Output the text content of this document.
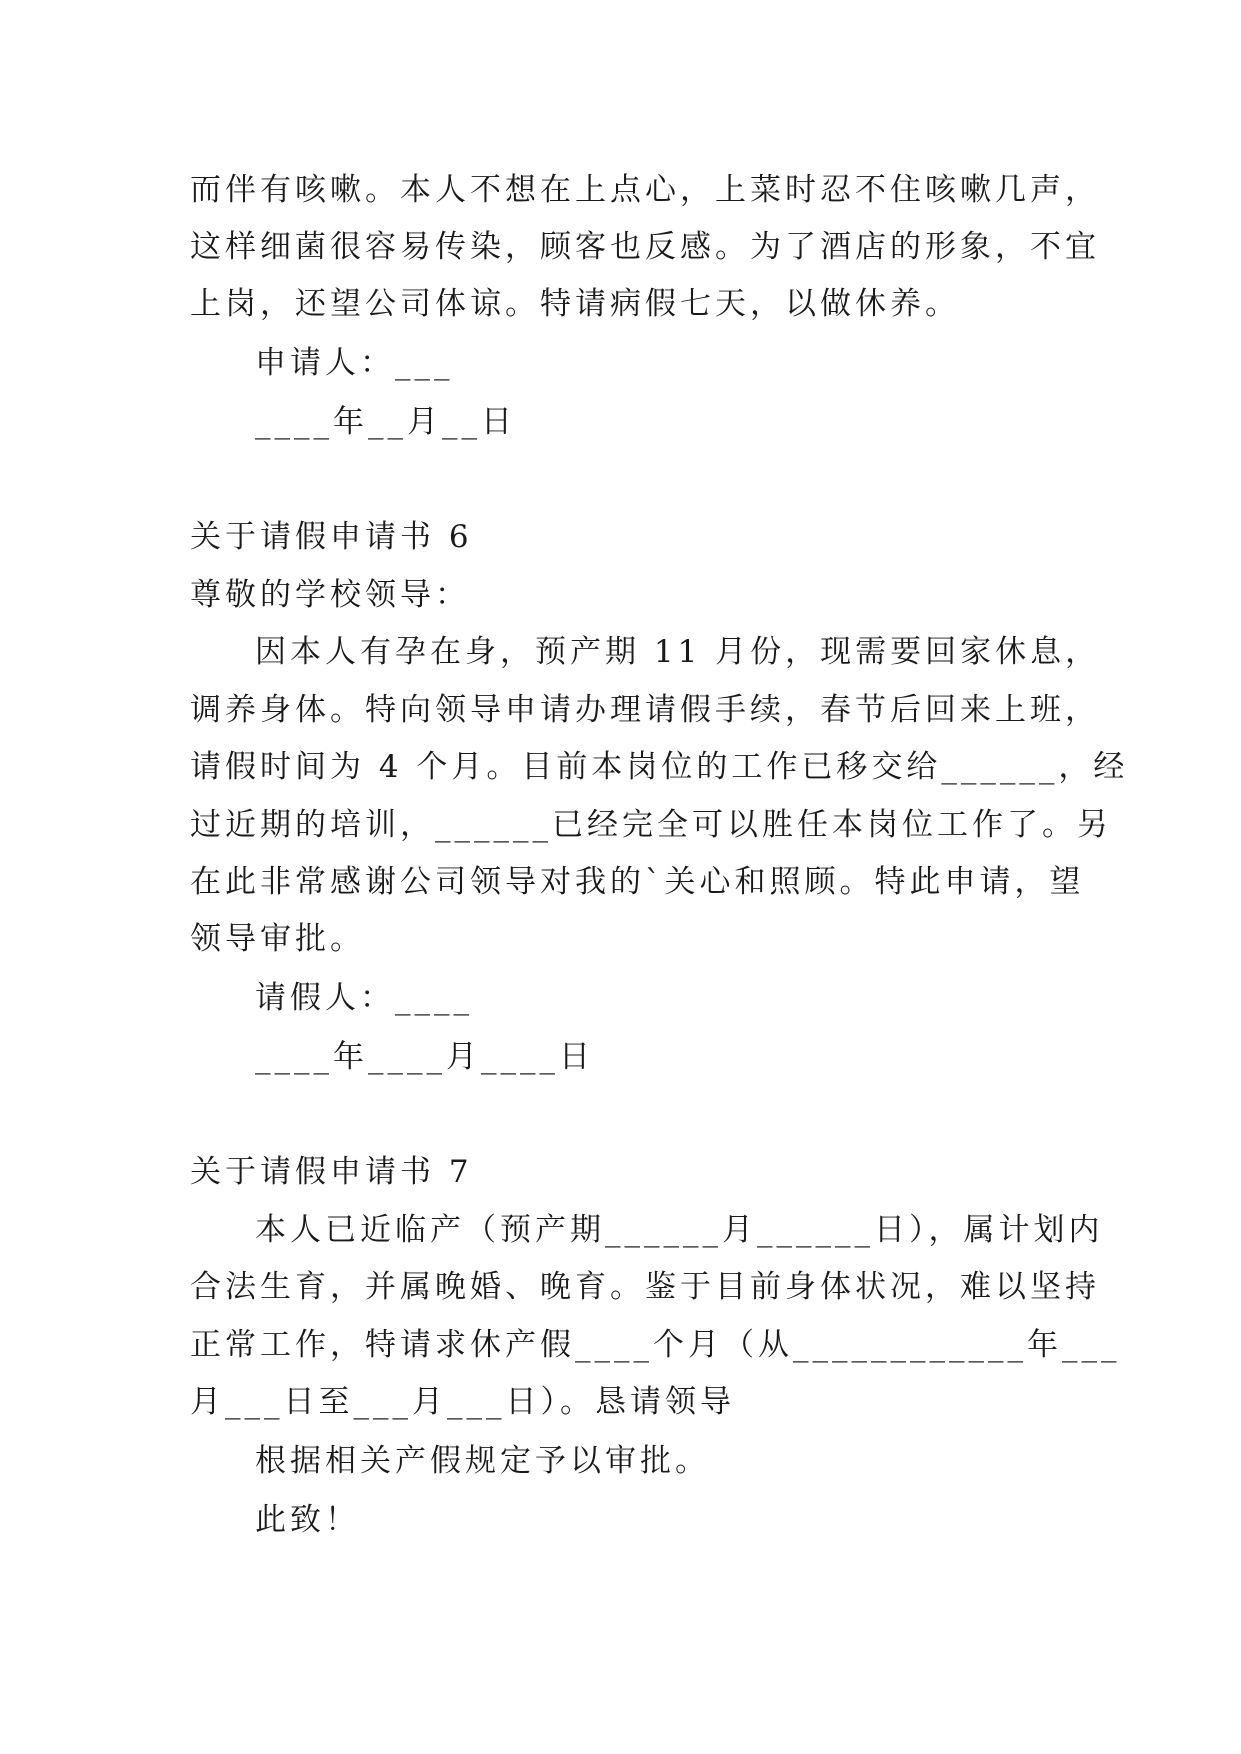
而伴有咳嗽。本人不想在上点心，上菜时忍不住咳嗽几声，
这样细菌很容易传染，顾客也反感。为了酒店的形象，不宜
上岗，还望公司体谅。特请病假七天，以做休养。
申请人：___
____年__月__日
关于请假申请书 6
尊敬的学校领导：
因本人有孕在身，预产期 11 月份，现需要回家休息，
调养身体。特向领导申请办理请假手续，春节后回来上班，
请假时间为 4 个月。目前本岗位的工作已移交给______，经
过近期的培训，______已经完全可以胜任本岗位工作了。另
在此非常感谢公司领导对我的`关心和照顾。特此申请，望
领导审批。
请假人：____
____年____月____日
关于请假申请书 7
本人已近临产（预产期______月______日），属计划内
合法生育，并属晚婚、晚育。鉴于目前身体状况，难以坚持
正常工作，特请求休产假____个月（从____________年___
月___日至___月___日）。恳请领导
根据相关产假规定予以审批。
此致！
